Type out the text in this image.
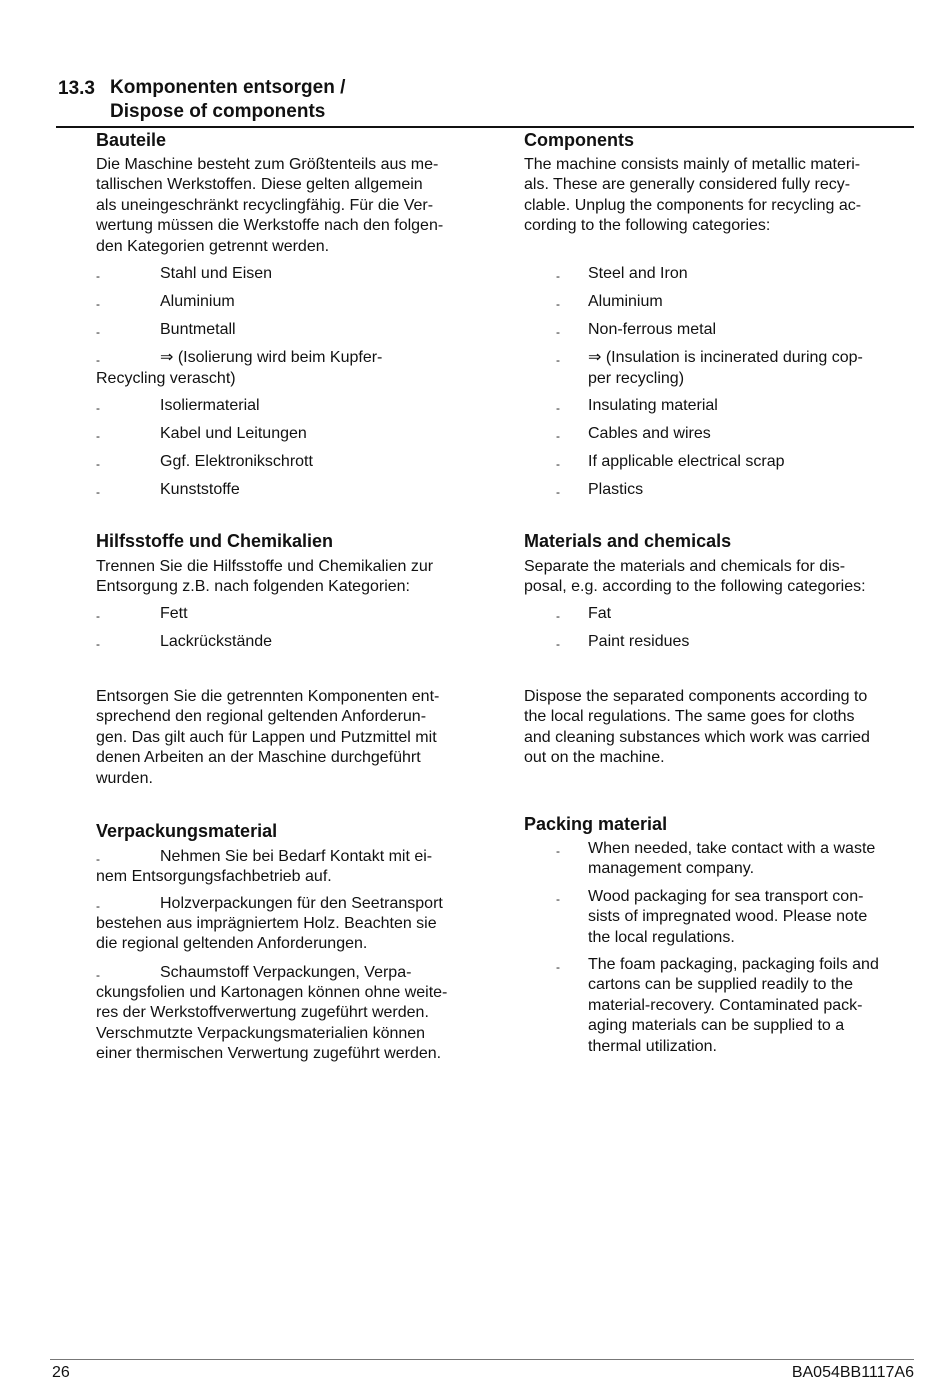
13.3 Komponenten entsorgen /
Dispose of components
Bauteile
Die Maschine besteht zum Größtenteils aus me-
tallischen Werkstoffen. Diese gelten allgemein
als uneingeschränkt recyclingfähig. Für die Ver-
wertung müssen die Werkstoffe nach den folgen-
den Kategorien getrennt werden.
-	Stahl und Eisen
-	Aluminium
-	Buntmetall
-	⇒ (Isolierung wird beim Kupfer-
Recycling verascht)
-	Isoliermaterial
-	Kabel und Leitungen
-	Ggf. Elektronikschrott
-	Kunststoffe
Hilfsstoffe und Chemikalien
Trennen Sie die Hilfsstoffe und Chemikalien zur
Entsorgung z.B. nach folgenden Kategorien:
-	Fett
-	Lackrückstände
Entsorgen Sie die getrennten Komponenten ent-
sprechend den regional geltenden Anforderun-
gen. Das gilt auch für Lappen und Putzmittel mit
denen Arbeiten an der Maschine durchgeführt
wurden.
Verpackungsmaterial
-	Nehmen Sie bei Bedarf Kontakt mit ei-
nem Entsorgungsfachbetrieb auf.
-	Holzverpackungen für den Seetransport
bestehen aus imprägniertem Holz. Beachten sie
die regional geltenden Anforderungen.
-	Schaumstoff Verpackungen, Verpa-
ckungsfolien und Kartonagen können ohne weite-
res der Werkstoffverwertung zugeführt werden.
Verschmutzte Verpackungsmaterialien können
einer thermischen Verwertung zugeführt werden.
Components
The machine consists mainly of metallic materi-
als. These are generally considered fully recy-
clable. Unplug the components for recycling ac-
cording to the following categories:
- Steel and Iron
- Aluminium
- Non-ferrous metal
- ⇒ (Insulation is incinerated during cop-
per recycling)
- Insulating material
- Cables and wires
- If applicable electrical scrap
- Plastics
Materials and chemicals
Separate the materials and chemicals for dis-
posal, e.g. according to the following categories:
- Fat
- Paint residues
Dispose the separated components according to
the local regulations. The same goes for cloths
and cleaning substances which work was carried
out on the machine.
Packing material
- When needed, take contact with a waste
management company.
- Wood packaging for sea transport con-
sists of impregnated wood. Please note
the local regulations.
- The foam packaging, packaging foils and
cartons can be supplied readily to the
material-recovery. Contaminated pack-
aging materials can be supplied to a
thermal utilization.
26	BA054BB1117A6
